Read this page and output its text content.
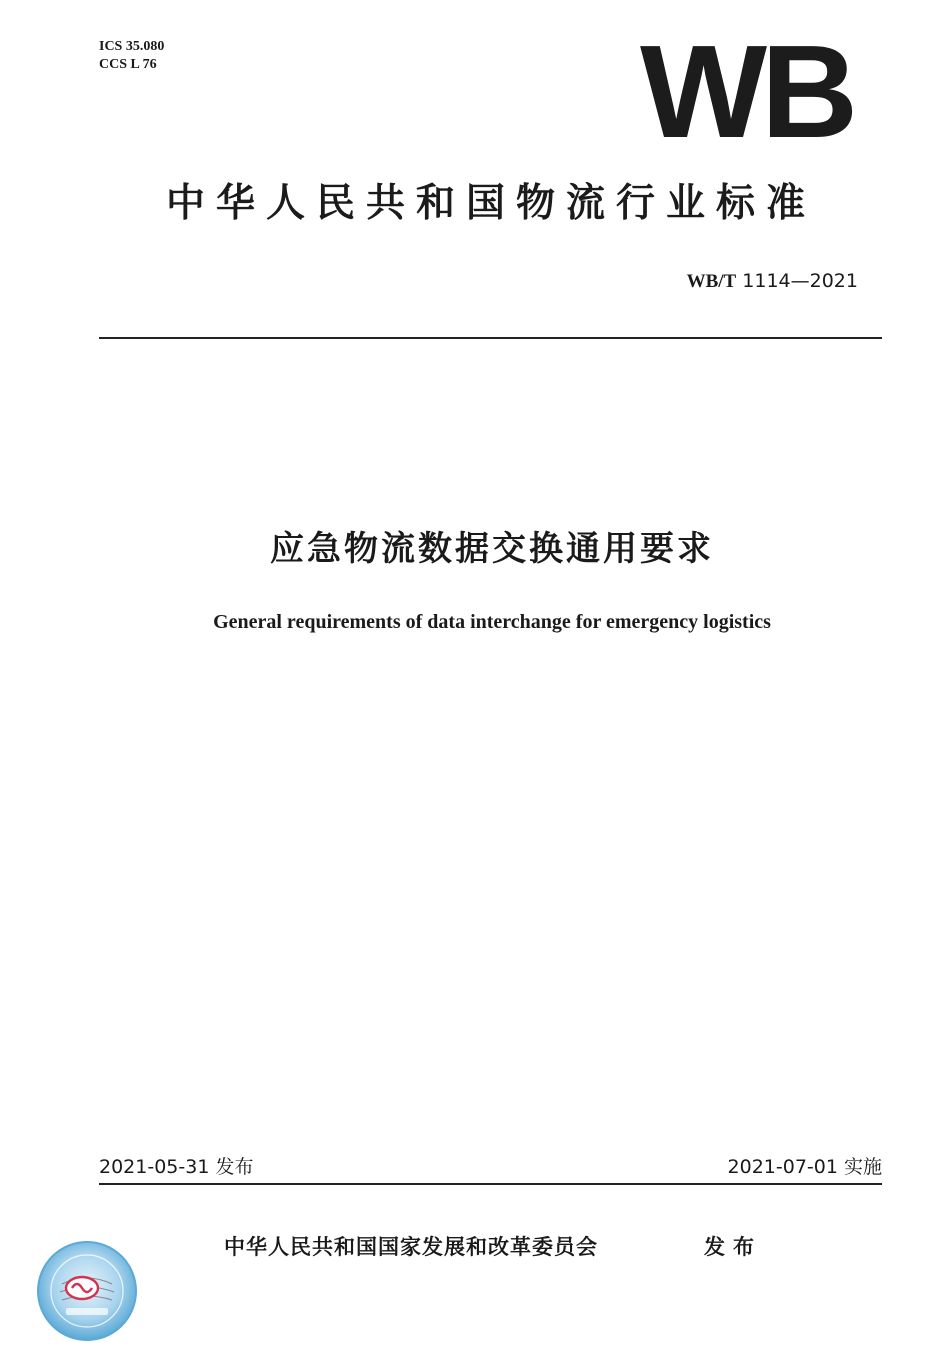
ICS 35.080
CCS L 76	WB
中华人民共和国物流行业标准
WB/T 1114—2021
应急物流数据交换通用要求
General requirements of data interchange for emergency logistics
2021-05-31 发布	2021-07-01 实施
中华人民共和国国家发展和改革委员会	发布
